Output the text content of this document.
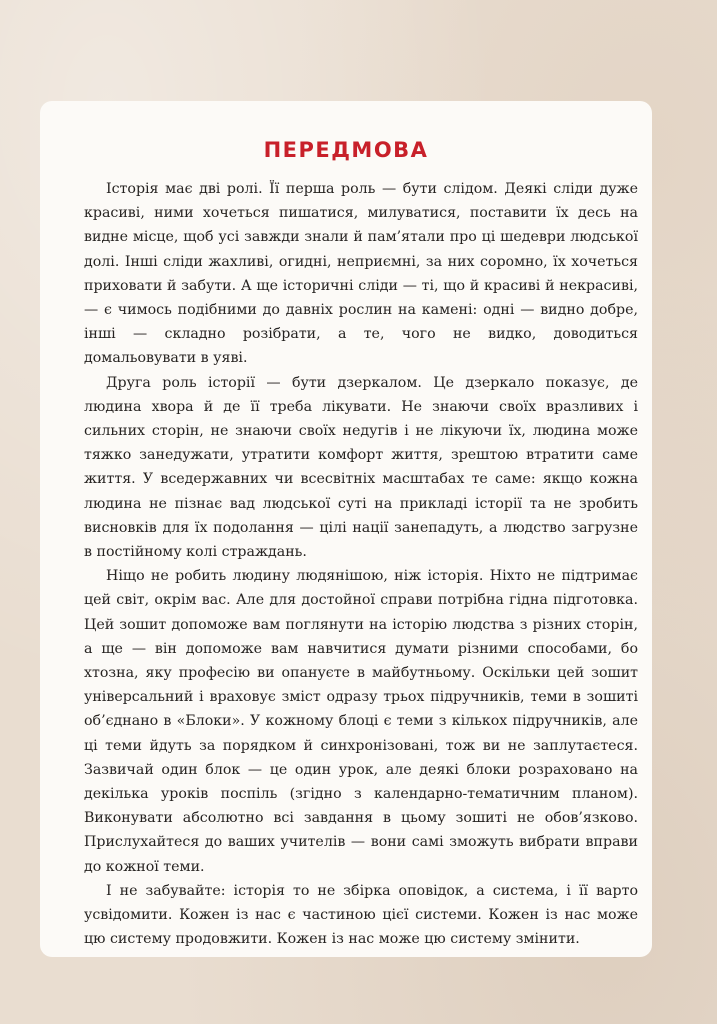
ПЕРЕДМОВА

Історія має дві ролі. Її перша роль — бути слідом. Деякі сліди дуже красиві, ними хочеться пишатися, милуватися, поставити їх десь на видне місце, щоб усі завжди знали й пам’ятали про ці шедеври людської долі. Інші сліди жахливі, огидні, неприємні, за них соромно, їх хочеться приховати й забути. А ще історичні сліди — ті, що й красиві й некрасиві, — є чимось подібними до давніх рослин на камені: одні — видно добре, інші — складно розібрати, а те, чого не видко, доводиться домальовувати в уяві.

Друга роль історії — бути дзеркалом. Це дзеркало показує, де людина хвора й де її треба лікувати. Не знаючи своїх вразливих і сильних сторін, не знаючи своїх недугів і не лікуючи їх, людина може тяжко занедужати, утратити комфорт життя, зрештою втратити саме життя. У вседержавних чи всесвітніх масштабах те саме: якщо кожна людина не пізнає вад людської суті на прикладі історії та не зробить висновків для їх подолання — цілі нації занепадуть, а людство загрузне в постійному колі страждань.

Ніщо не робить людину людянішою, ніж історія. Ніхто не підтримає цей світ, окрім вас. Але для достойної справи потрібна гідна підготовка. Цей зошит допоможе вам поглянути на історію людства з різних сторін, а ще — він допоможе вам навчитися думати різними способами, бо хтозна, яку професію ви опануєте в майбутньому. Оскільки цей зошит універсальний і враховує зміст одразу трьох підручників, теми в зошиті об’єднано в «Блоки». У кожному блоці є теми з кількох підручників, але ці теми йдуть за порядком й синхронізовані, тож ви не заплутаєтеся. Зазвичай один блок — це один урок, але деякі блоки розраховано на декілька уроків поспіль (згідно з календарно-тематичним планом). Виконувати абсолютно всі завдання в цьому зошиті не обов’язково. Прислухайтеся до ваших учителів — вони самі зможуть вибрати вправи до кожної теми.

І не забувайте: історія то не збірка оповідок, а система, і її варто усвідомити. Кожен із нас є частиною цієї системи. Кожен із нас може цю систему продовжити. Кожен із нас може цю систему змінити.
